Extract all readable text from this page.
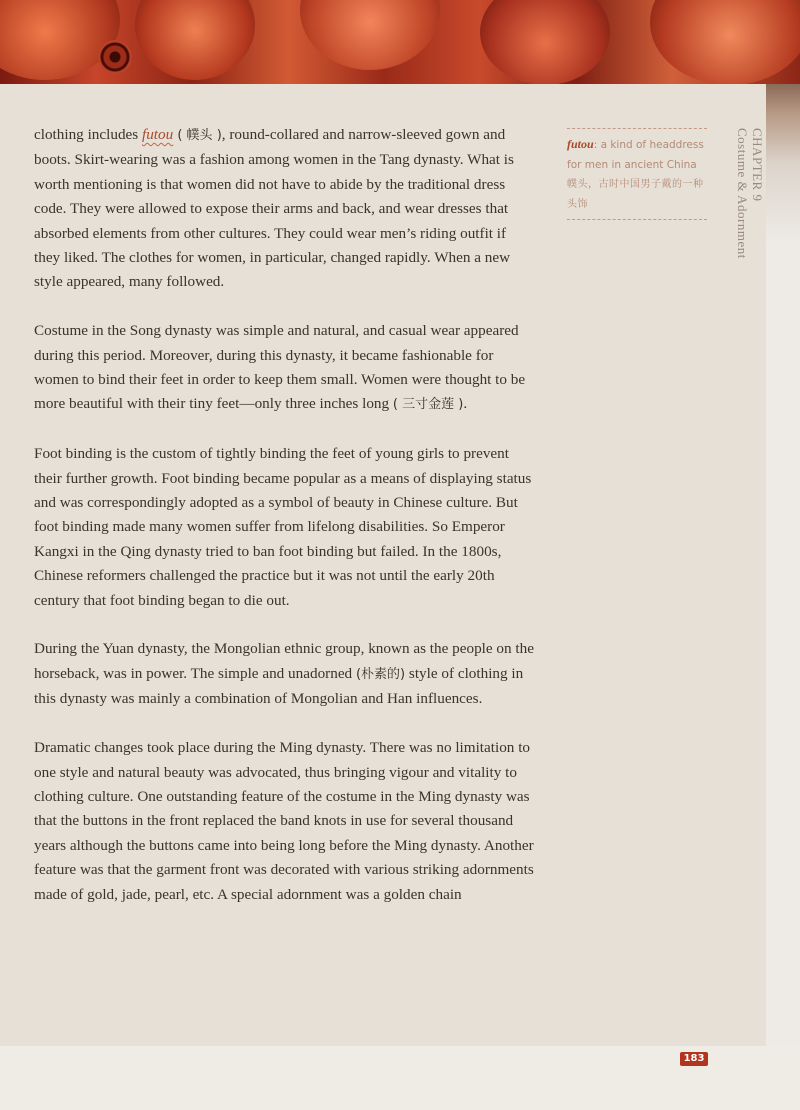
clothing includes futou ( 幞头 ), round-collared and narrow-sleeved gown and boots. Skirt-wearing was a fashion among women in the Tang dynasty. What is worth mentioning is that women did not have to abide by the traditional dress code. They were allowed to expose their arms and back, and wear dresses that absorbed elements from other cultures. They could wear men’s riding outfit if they liked. The clothes for women, in particular, changed rapidly. When a new style appeared, many followed.

Costume in the Song dynasty was simple and natural, and casual wear appeared during this period. Moreover, during this dynasty, it became fashionable for women to bind their feet in order to keep them small. Women were thought to be more beautiful with their tiny feet—only three inches long ( 三寸金莲 ).

Foot binding is the custom of tightly binding the feet of young girls to prevent their further growth. Foot binding became popular as a means of displaying status and was correspondingly adopted as a symbol of beauty in Chinese culture. But foot binding made many women suffer from lifelong disabilities. So Emperor Kangxi in the Qing dynasty tried to ban foot binding but failed. In the 1800s, Chinese reformers challenged the practice but it was not until the early 20th century that foot binding began to die out.

During the Yuan dynasty, the Mongolian ethnic group, known as the people on the horseback, was in power. The simple and unadorned (朴素的) style of clothing in this dynasty was mainly a combination of Mongolian and Han influences.

Dramatic changes took place during the Ming dynasty. There was no limitation to one style and natural beauty was advocated, thus bringing vigour and vitality to clothing culture. One outstanding feature of the costume in the Ming dynasty was that the buttons in the front replaced the band knots in use for several thousand years although the buttons came into being long before the Ming dynasty. Another feature was that the garment front was decorated with various striking adornments made of gold, jade, pearl, etc. A special adornment was a golden chain

futou: a kind of headdress for men in ancient China 幞头，古时中国男子戴的一种头饰
CHAPTER 9
Costume & Adornment
183
